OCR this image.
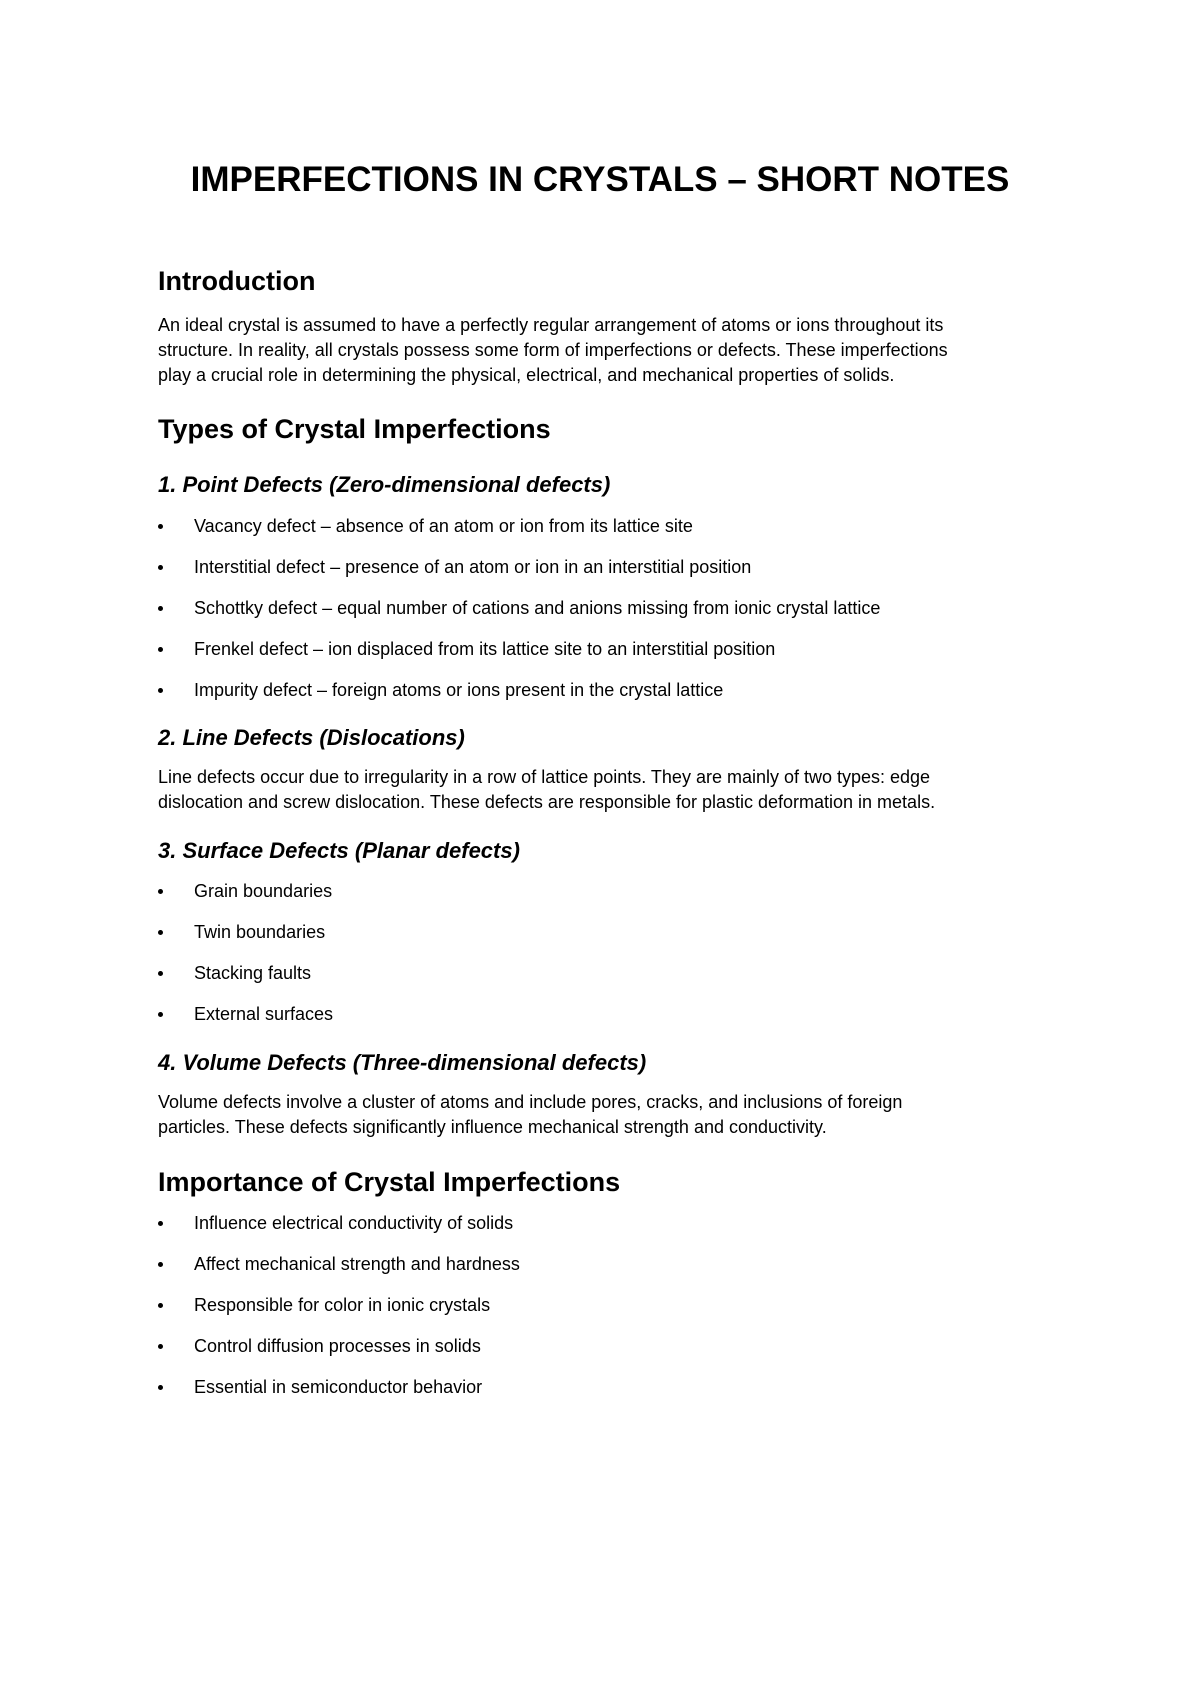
IMPERFECTIONS IN CRYSTALS – SHORT NOTES
Introduction

An ideal crystal is assumed to have a perfectly regular arrangement of atoms or ions throughout its
structure. In reality, all crystals possess some form of imperfections or defects. These imperfections
play a crucial role in determining the physical, electrical, and mechanical properties of solids.

Types of Crystal Imperfections
1. Point Defects (Zero-dimensional defects)
Vacancy defect – absence of an atom or ion from its lattice site
Interstitial defect – presence of an atom or ion in an interstitial position
Schottky defect – equal number of cations and anions missing from ionic crystal lattice
Frenkel defect – ion displaced from its lattice site to an interstitial position
Impurity defect – foreign atoms or ions present in the crystal lattice
2. Line Defects (Dislocations)

Line defects occur due to irregularity in a row of lattice points. They are mainly of two types: edge
dislocation and screw dislocation. These defects are responsible for plastic deformation in metals.

3. Surface Defects (Planar defects)
Grain boundaries
Twin boundaries
Stacking faults
External surfaces
4. Volume Defects (Three-dimensional defects)

Volume defects involve a cluster of atoms and include pores, cracks, and inclusions of foreign
particles. These defects significantly influence mechanical strength and conductivity.

Importance of Crystal Imperfections
Influence electrical conductivity of solids
Affect mechanical strength and hardness
Responsible for color in ionic crystals
Control diffusion processes in solids
Essential in semiconductor behavior
